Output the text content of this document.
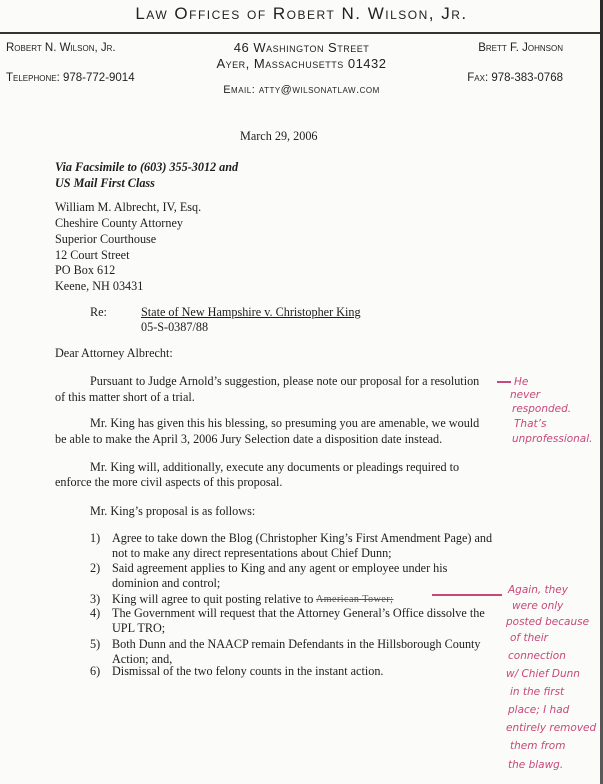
Law Offices of Robert N. Wilson, Jr.
Robert N. Wilson, Jr.	46 Washington Street
Ayer, Massachusetts 01432
Brett F. Johnson
Telephone: 978-772-9014	Fax: 978-383-0768
Email: atty@wilsonatlaw.com
March 29, 2006
Via Facsimile to (603) 355-3012 and
US Mail First Class
William M. Albrecht, IV, Esq.
Cheshire County Attorney
Superior Courthouse
12 Court Street
PO Box 612
Keene, NH 03431
Re:	State of New Hampshire v. Christopher King
05-S-0387/88
Dear Attorney Albrecht:
Pursuant to Judge Arnold’s suggestion, please note our proposal for a resolution
of this matter short of a trial.
Mr. King has given this his blessing, so presuming you are amenable, we would
be able to make the April 3, 2006 Jury Selection date a disposition date instead.
Mr. King will, additionally, execute any documents or pleadings required to
enforce the more civil aspects of this proposal.
Mr. King’s proposal is as follows:
1) Agree to take down the Blog (Christopher King’s First Amendment Page) and
not to make any direct representations about Chief Dunn;
2) Said agreement applies to King and any agent or employee under his
dominion and control;
3) King will agree to quit posting relative to American Tower;
4) The Government will request that the Attorney General’s Office dissolve the
UPL TRO;
5) Both Dunn and the NAACP remain Defendants in the Hillsborough County
Action; and,
6) Dismissal of the two felony counts in the instant action.
He
never
responded.
That’s
unprofessional.
Again, they
were only
posted because
of their
connection
w/ Chief Dunn
in the first
place; I had
entirely removed
them from
the blawg.
